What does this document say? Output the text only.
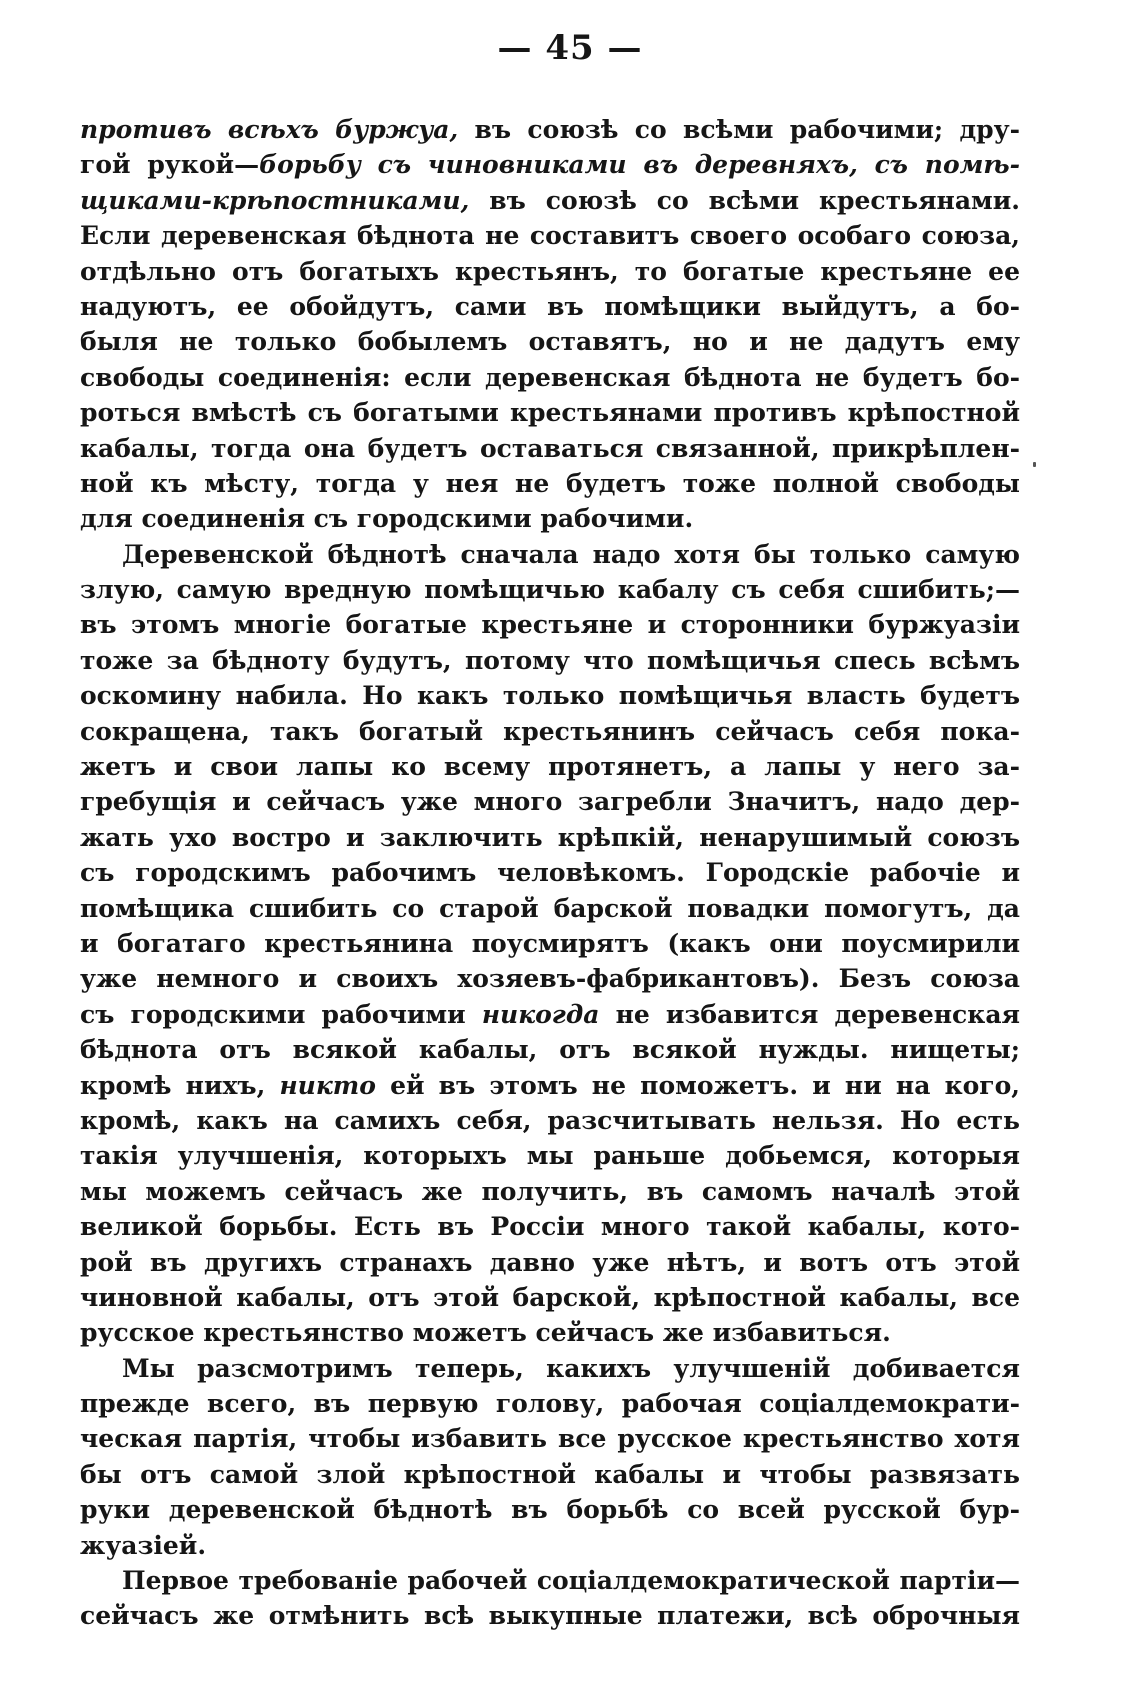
— 45 —
противъ всѣхъ буржуа, въ союзѣ со всѣми рабочими; дру-
гой рукой—борьбу съ чиновниками въ деревняхъ, съ помѣ-
щиками-крѣпостниками, въ союзѣ со всѣми крестьянами.
Если деревенская бѣднота не составитъ своего особаго союза,
отдѣльно отъ богатыхъ крестьянъ, то богатые крестьяне ее
надуютъ, ее обойдутъ, сами въ помѣщики выйдутъ, а бо-
быля не только бобылемъ оставятъ, но и не дадутъ ему
свободы соединенія: если деревенская бѣднота не будетъ бо-
роться вмѣстѣ съ богатыми крестьянами противъ крѣпостной
кабалы, тогда она будетъ оставаться связанной, прикрѣплен-
ной къ мѣсту, тогда у нея не будетъ тоже полной свободы
для соединенія съ городскими рабочими.
Деревенской бѣднотѣ сначала надо хотя бы только самую
злую, самую вредную помѣщичью кабалу съ себя сшибить;—
въ этомъ многіе богатые крестьяне и сторонники буржуазіи
тоже за бѣдноту будутъ, потому что помѣщичья спесь всѣмъ
оскомину набила. Но какъ только помѣщичья власть будетъ
сокращена, такъ богатый крестьянинъ сейчасъ себя пока-
жетъ и свои лапы ко всему протянетъ, а лапы у него за-
гребущія и сейчасъ уже много загребли Значитъ, надо дер-
жать ухо востро и заключить крѣпкій, ненарушимый союзъ
съ городскимъ рабочимъ человѣкомъ. Городскіе рабочіе и
помѣщика сшибить со старой барской повадки помогутъ, да
и богатаго крестьянина поусмирятъ (какъ они поусмирили
уже немного и своихъ хозяевъ-фабрикантовъ). Безъ союза
съ городскими рабочими никогда не избавится деревенская
бѣднота отъ всякой кабалы, отъ всякой нужды. нищеты;
кромѣ нихъ, никто ей въ этомъ не поможетъ. и ни на кого,
кромѣ, какъ на самихъ себя, разсчитывать нельзя. Но есть
такія улучшенія, которыхъ мы раньше добьемся, которыя
мы можемъ сейчасъ же получить, въ самомъ началѣ этой
великой борьбы. Есть въ Россіи много такой кабалы, кото-
рой въ другихъ странахъ давно уже нѣтъ, и вотъ отъ этой
чиновной кабалы, отъ этой барской, крѣпостной кабалы, все
русское крестьянство можетъ сейчасъ же избавиться.
Мы разсмотримъ теперь, какихъ улучшеній добивается
прежде всего, въ первую голову, рабочая соціалдемократи-
ческая партія, чтобы избавить все русское крестьянство хотя
бы отъ самой злой крѣпостной кабалы и чтобы развязать
руки деревенской бѣднотѣ въ борьбѣ со всей русской бур-
жуазіей.
Первое требованіе рабочей соціалдемократической партіи—
сейчасъ же отмѣнить всѣ выкупные платежи, всѣ оброчныя
